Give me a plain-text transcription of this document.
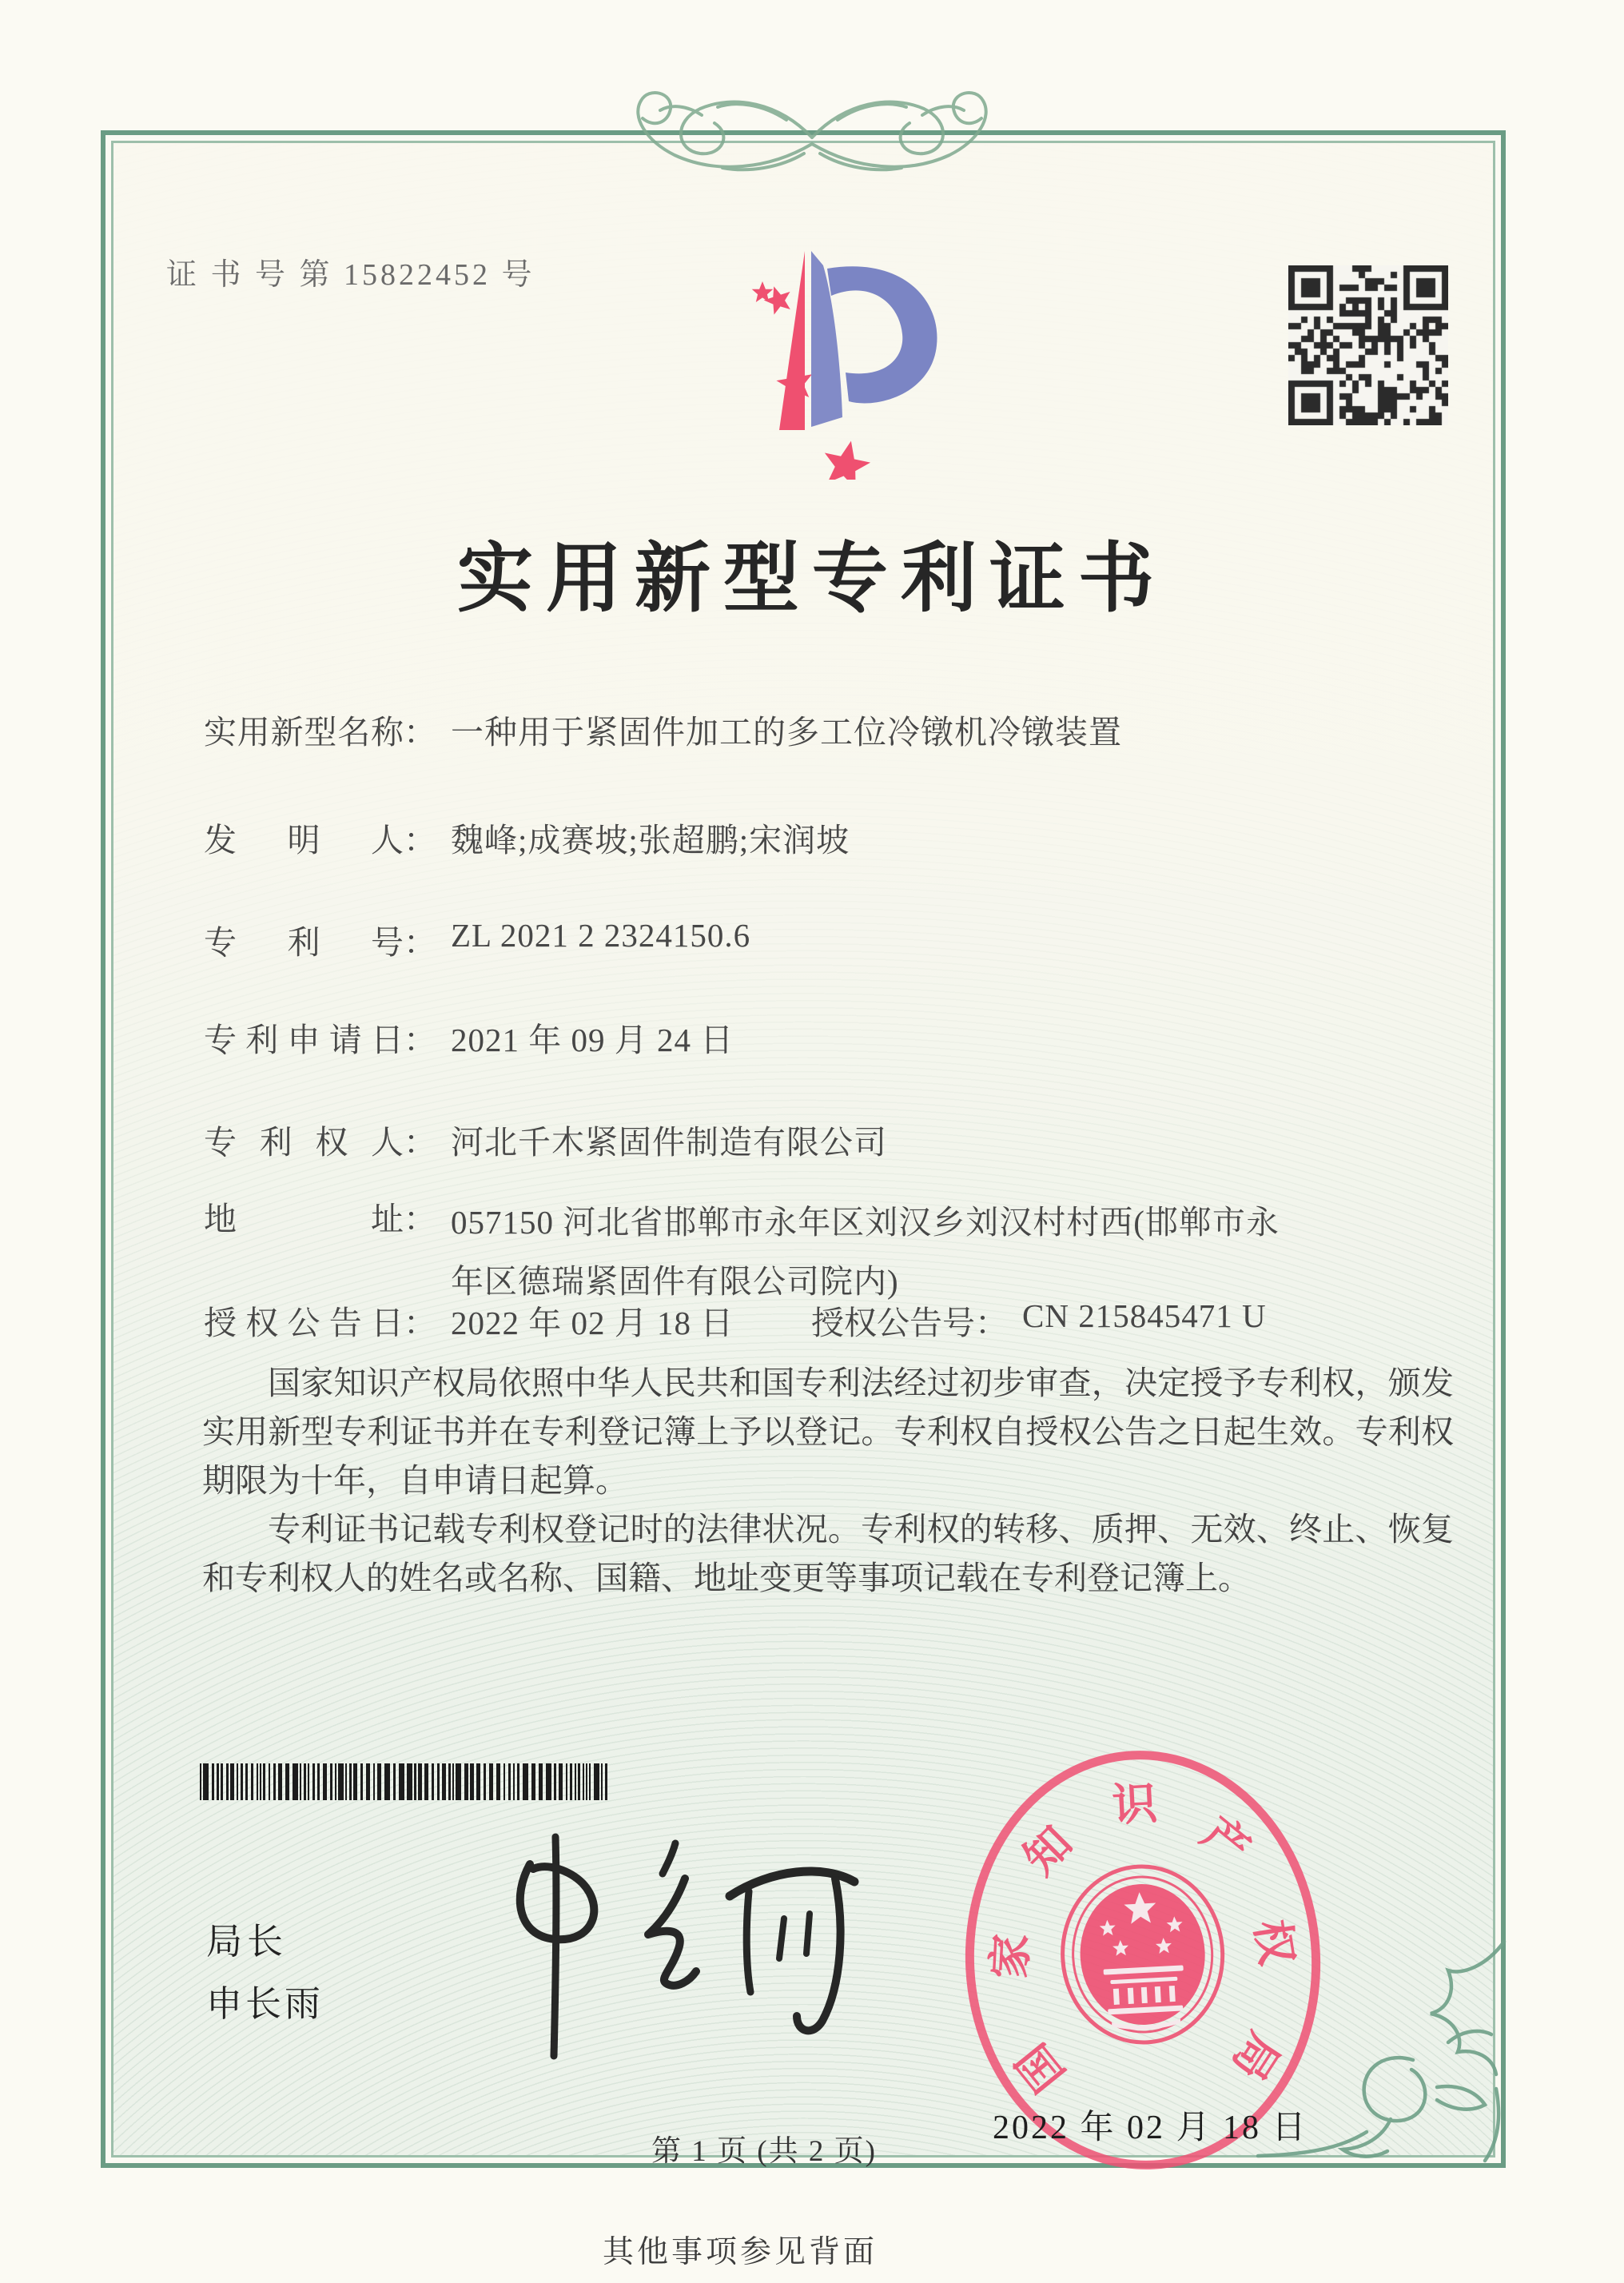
证 书 号 第 15822452 号
实用新型专利证书
实用新型名称： 一种用于紧固件加工的多工位冷镦机冷镦装置
发明人： 魏峰;成赛坡;张超鹏;宋润坡
专利号： ZL 2021 2 2324150.6
专利申请日： 2021 年 09 月 24 日
专利权人： 河北千木紧固件制造有限公司
地址： 057150 河北省邯郸市永年区刘汉乡刘汉村村西(邯郸市永
年区德瑞紧固件有限公司院内)
授权公告日： 2022 年 02 月 18 日 授权公告号： CN 215845471 U

国家知识产权局依照中华人民共和国专利法经过初步审查，决定授予专利权，颁发实用新型专利证书并在专利登记簿上予以登记。专利权自授权公告之日起生效。专利权期限为十年，自申请日起算。

专利证书记载专利权登记时的法律状况。专利权的转移、质押、无效、终止、恢复和专利权人的姓名或名称、国籍、地址变更等事项记载在专利登记簿上。

局长
申长雨
国
家
知
识
产
权
局
2022 年 02 月 18 日
第 1 页 (共 2 页)
其他事项参见背面
